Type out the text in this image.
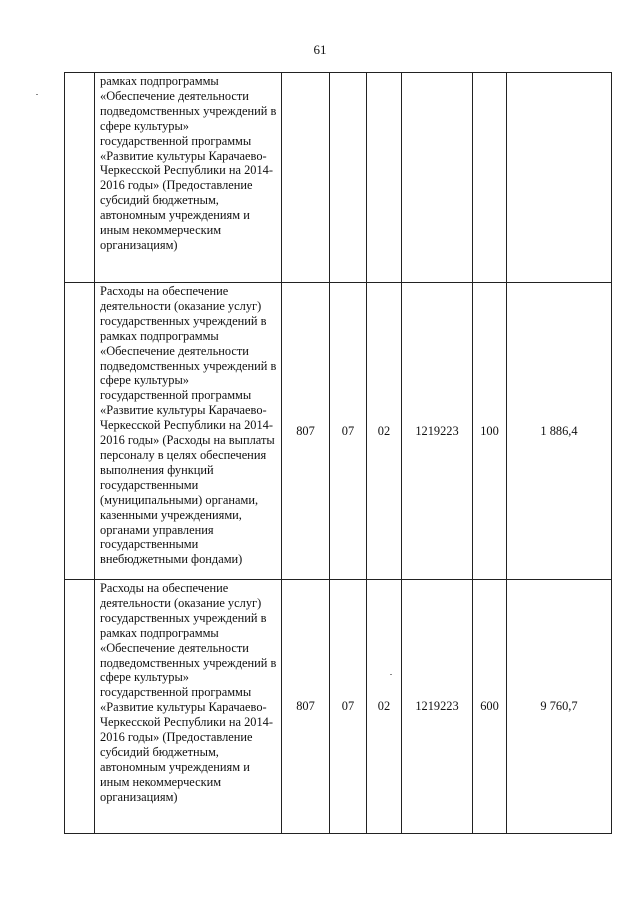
61
	рамках подпрограммы «Обеспечение деятельности подведомственных учреждений в сфере культуры» государственной программы «Развитие культуры Карачаево-Черкесской Республики на 2014-2016 годы» (Предоставление субсидий бюджетным, автономным учреждениям и иным некоммерческим организациям)						
	Расходы на обеспечение деятельности (оказание услуг) государственных учреждений в рамках подпрограммы «Обеспечение деятельности подведомственных учреждений в сфере культуры» государственной программы «Развитие культуры Карачаево-Черкесской Республики на 2014-2016 годы» (Расходы на выплаты персоналу в целях обеспечения выполнения функций государственными (муниципальными) органами, казенными учреждениями, органами управления государственными внебюджетными фондами)	807	07	02	1219223	100	1 886,4
	Расходы на обеспечение деятельности (оказание услуг) государственных учреждений в рамках подпрограммы «Обеспечение деятельности подведомственных учреждений в сфере культуры» государственной программы «Развитие культуры Карачаево-Черкесской Республики на 2014-2016 годы» (Предоставление субсидий бюджетным, автономным учреждениям и иным некоммерческим организациям)	807	07	02	1219223	600	9 760,7
